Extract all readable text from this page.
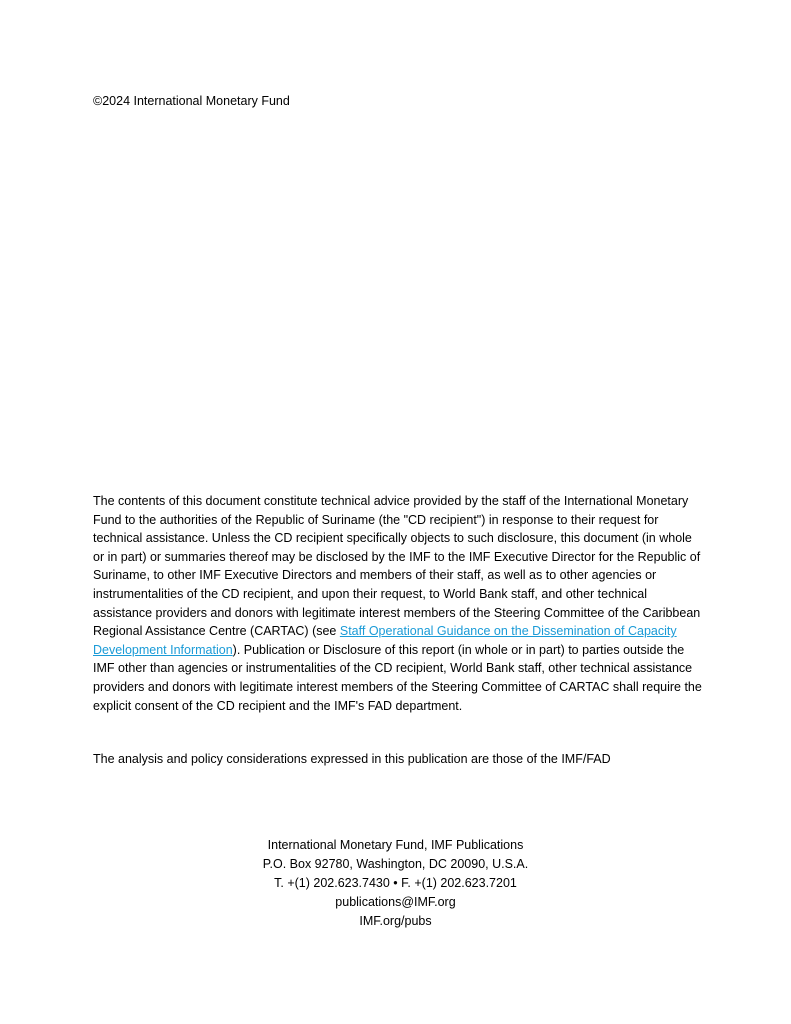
©2024 International Monetary Fund

The contents of this document constitute technical advice provided by the staff of the International Monetary Fund to the authorities of the Republic of Suriname (the "CD recipient") in response to their request for technical assistance. Unless the CD recipient specifically objects to such disclosure, this document (in whole or in part) or summaries thereof may be disclosed by the IMF to the IMF Executive Director for the Republic of Suriname, to other IMF Executive Directors and members of their staff, as well as to other agencies or instrumentalities of the CD recipient, and upon their request, to World Bank staff, and other technical assistance providers and donors with legitimate interest members of the Steering Committee of the Caribbean Regional Assistance Centre (CARTAC) (see Staff Operational Guidance on the Dissemination of Capacity Development Information). Publication or Disclosure of this report (in whole or in part) to parties outside the IMF other than agencies or instrumentalities of the CD recipient, World Bank staff, other technical assistance providers and donors with legitimate interest members of the Steering Committee of CARTAC shall require the explicit consent of the CD recipient and the IMF's FAD department.

The analysis and policy considerations expressed in this publication are those of the IMF/FAD

International Monetary Fund, IMF Publications
P.O. Box 92780, Washington, DC 20090, U.S.A.
T. +(1) 202.623.7430 • F. +(1) 202.623.7201
publications@IMF.org
IMF.org/pubs
